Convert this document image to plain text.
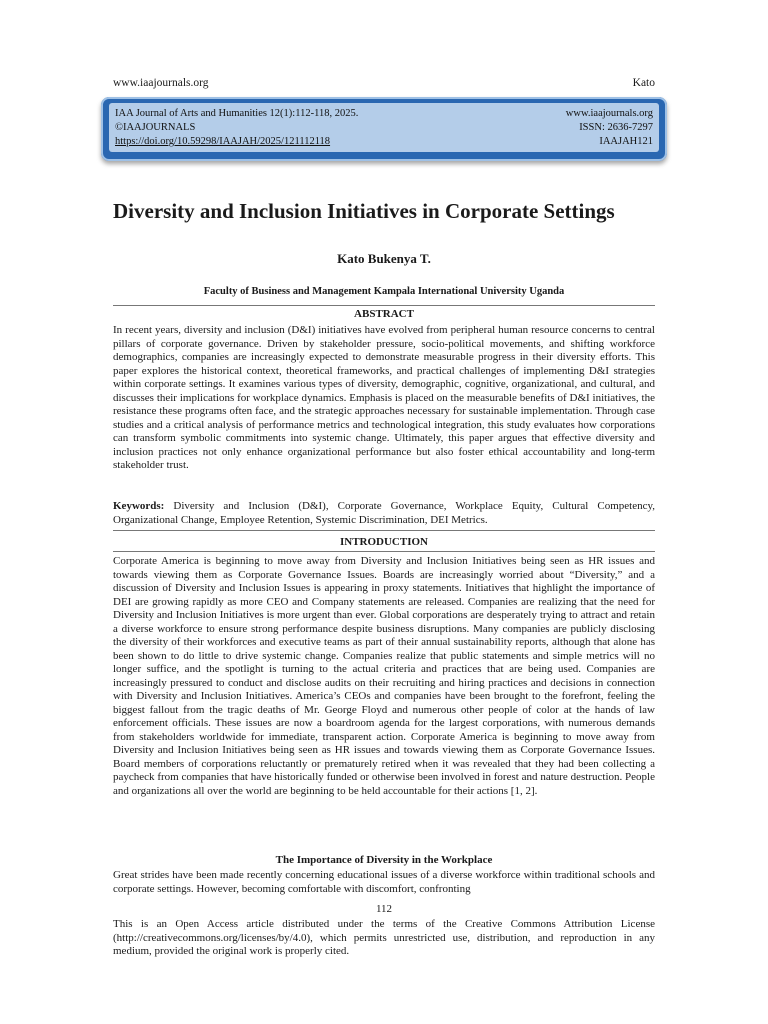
www.iaajournals.org	Kato
IAA Journal of Arts and Humanities 12(1):112-118, 2025.
©IAAJOURNALS
https://doi.org/10.59298/IAAJAH/2025/121112118
www.iaajournals.org
ISSN: 2636-7297
IAAJAH121
Diversity and Inclusion Initiatives in Corporate Settings
Kato Bukenya T.
Faculty of Business and Management Kampala International University Uganda
ABSTRACT
In recent years, diversity and inclusion (D&I) initiatives have evolved from peripheral human resource concerns to central pillars of corporate governance. Driven by stakeholder pressure, socio-political movements, and shifting workforce demographics, companies are increasingly expected to demonstrate measurable progress in their diversity efforts. This paper explores the historical context, theoretical frameworks, and practical challenges of implementing D&I strategies within corporate settings. It examines various types of diversity, demographic, cognitive, organizational, and cultural, and discusses their implications for workplace dynamics. Emphasis is placed on the measurable benefits of D&I initiatives, the resistance these programs often face, and the strategic approaches necessary for sustainable implementation. Through case studies and a critical analysis of performance metrics and technological integration, this study evaluates how corporations can transform symbolic commitments into systemic change. Ultimately, this paper argues that effective diversity and inclusion practices not only enhance organizational performance but also foster ethical accountability and long-term stakeholder trust.
Keywords: Diversity and Inclusion (D&I), Corporate Governance, Workplace Equity, Cultural Competency, Organizational Change, Employee Retention, Systemic Discrimination, DEI Metrics.
INTRODUCTION
Corporate America is beginning to move away from Diversity and Inclusion Initiatives being seen as HR issues and towards viewing them as Corporate Governance Issues. Boards are increasingly worried about “Diversity,” and a discussion of Diversity and Inclusion Issues is appearing in proxy statements. Initiatives that highlight the importance of DEI are growing rapidly as more CEO and Company statements are released. Companies are realizing that the need for Diversity and Inclusion Initiatives is more urgent than ever. Global corporations are desperately trying to attract and retain a diverse workforce to ensure strong performance despite business disruptions. Many companies are publicly disclosing the diversity of their workforces and executive teams as part of their annual sustainability reports, although that alone has been shown to do little to drive systemic change. Companies realize that public statements and simple metrics will no longer suffice, and the spotlight is turning to the actual criteria and practices that are being used. Companies are increasingly pressured to conduct and disclose audits on their recruiting and hiring practices and decisions in connection with Diversity and Inclusion Initiatives. America’s CEOs and companies have been brought to the forefront, feeling the biggest fallout from the tragic deaths of Mr. George Floyd and numerous other people of color at the hands of law enforcement officials. These issues are now a boardroom agenda for the largest corporations, with numerous demands from stakeholders worldwide for immediate, transparent action. Corporate America is beginning to move away from Diversity and Inclusion Initiatives being seen as HR issues and towards viewing them as Corporate Governance Issues. Board members of corporations reluctantly or prematurely retired when it was revealed that they had been collecting a paycheck from companies that have historically funded or otherwise been involved in forest and nature destruction. People and organizations all over the world are beginning to be held accountable for their actions [1, 2].
The Importance of Diversity in the Workplace
Great strides have been made recently concerning educational issues of a diverse workforce within traditional schools and corporate settings. However, becoming comfortable with discomfort, confronting
112
This is an Open Access article distributed under the terms of the Creative Commons Attribution License (http://creativecommons.org/licenses/by/4.0), which permits unrestricted use, distribution, and reproduction in any medium, provided the original work is properly cited.
